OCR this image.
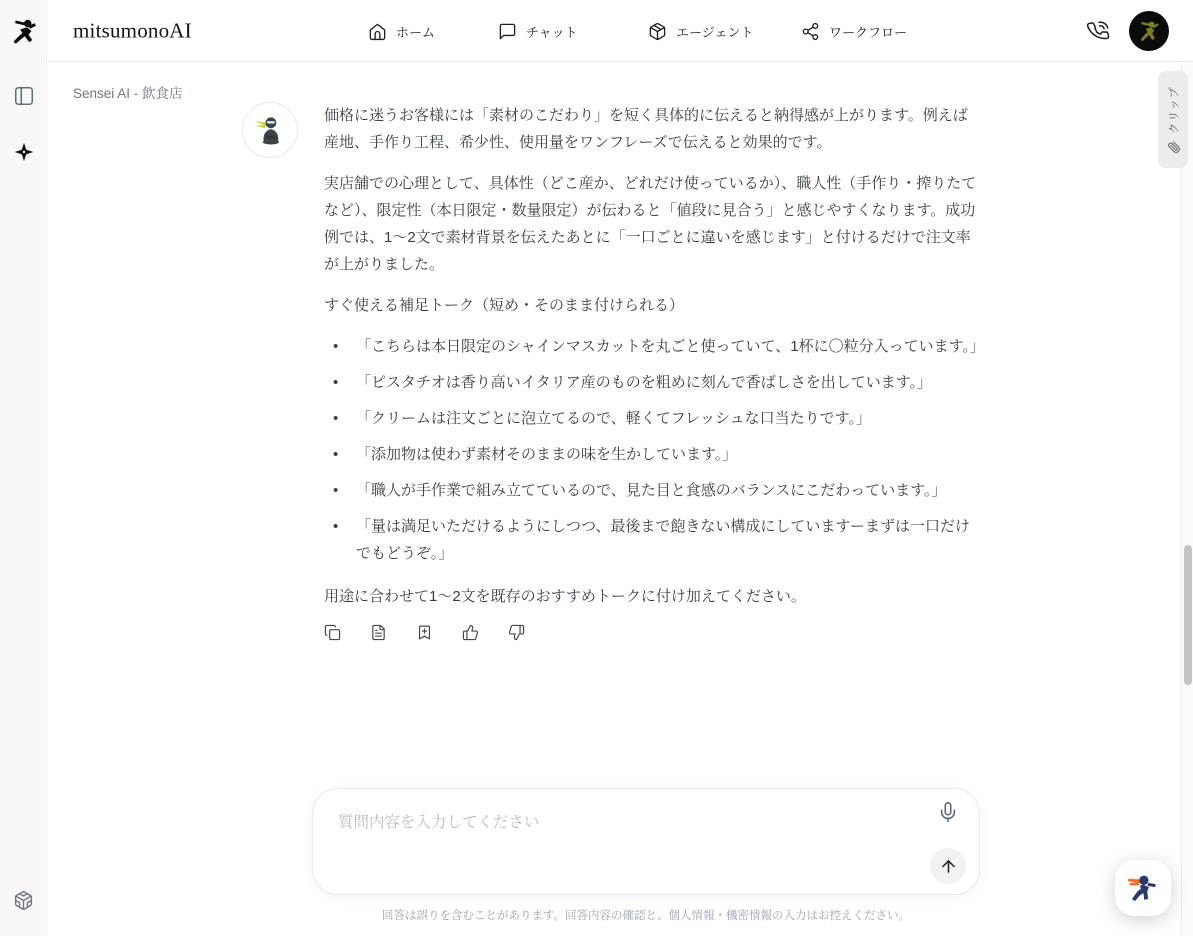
mitsumonoAI	ホーム	チャット	エージェント	ワークフロー
Sensei AI - 飲食店

価格に迷うお客様には「素材のこだわり」を短く具体的に伝えると納得感が上がります。例えば産地、手作り工程、希少性、使用量をワンフレーズで伝えると効果的です。

実店舗での心理として、具体性（どこ産か、どれだけ使っているか）、職人性（手作り・搾りたてなど）、限定性（本日限定・数量限定）が伝わると「値段に見合う」と感じやすくなります。成功例では、1〜2文で素材背景を伝えたあとに「一口ごとに違いを感じます」と付けるだけで注文率が上がりました。

すぐ使える補足トーク（短め・そのまま付けられる）

• 「こちらは本日限定のシャインマスカットを丸ごと使っていて、1杯に〇粒分入っています。」
• 「ピスタチオは香り高いイタリア産のものを粗めに刻んで香ばしさを出しています。」
• 「クリームは注文ごとに泡立てるので、軽くてフレッシュな口当たりです。」
• 「添加物は使わず素材そのままの味を生かしています。」
• 「職人が手作業で組み立てているので、見た目と食感のバランスにこだわっています。」
• 「量は満足いただけるようにしつつ、最後まで飽きない構成にしていますーまずは一口だけでもどうぞ。」

用途に合わせて1〜2文を既存のおすすめトークに付け加えてください。

質問内容を入力してください
回答は誤りを含むことがあります。回答内容の確認と、個人情報・機密情報の入力はお控えください。
クリップ
